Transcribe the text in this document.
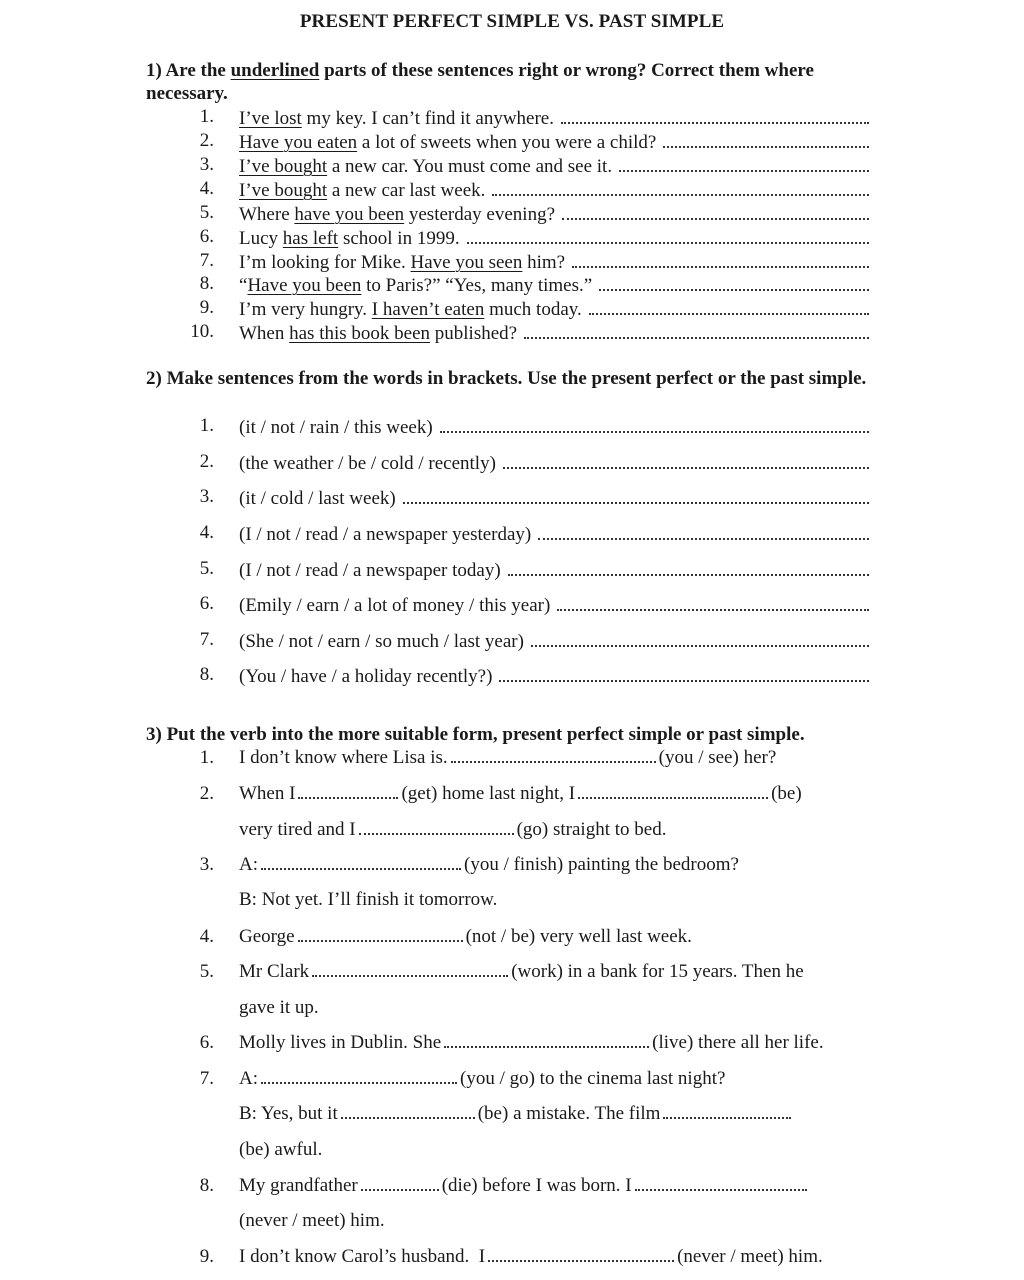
PRESENT PERFECT SIMPLE VS. PAST SIMPLE
1) Are the underlined parts of these sentences right or wrong? Correct them where necessary.
1. I’ve lost my key. I can’t find it anywhere.
2. Have you eaten a lot of sweets when you were a child?
3. I’ve bought a new car. You must come and see it.
4. I’ve bought a new car last week.
5. Where have you been yesterday evening?
6. Lucy has left school in 1999.
7. I’m looking for Mike. Have you seen him?
8. “ Have you been to Paris?” “Yes, many times.”
9. I’m very hungry. I haven’t eaten much today.
10. When has this book been published?
2) Make sentences from the words in brackets. Use the present perfect or the past simple.
1. (it / not / rain / this week)
2. (the weather / be / cold / recently)
3. (it / cold / last week)
4. (I / not / read / a newspaper yesterday)
5. (I / not / read / a newspaper today)
6. (Emily / earn / a lot of money / this year)
7. (She / not / earn / so much / last year)
8. (You / have / a holiday recently?)
3) Put the verb into the more suitable form, present perfect simple or past simple.
1. I don’t know where Lisa is.	(you / see) her?
2. When I	(get) home last night, I	(be)
very tired and I	(go) straight to bed.
3. A:	(you / finish) painting the bedroom?
B: Not yet. I’ll finish it tomorrow.
4. George	(not / be) very well last week.
5. Mr Clark	(work) in a bank for 15 years. Then he
gave it up.
6. Molly lives in Dublin. She	(live) there all her life.
7. A:	(you / go) to the cinema last night?
B: Yes, but it	(be) a mistake. The film
(be) awful.
8. My grandfather	(die) before I was born. I
(never / meet) him.
9. I don’t know Carol’s husband.  I	(never / meet) him.
